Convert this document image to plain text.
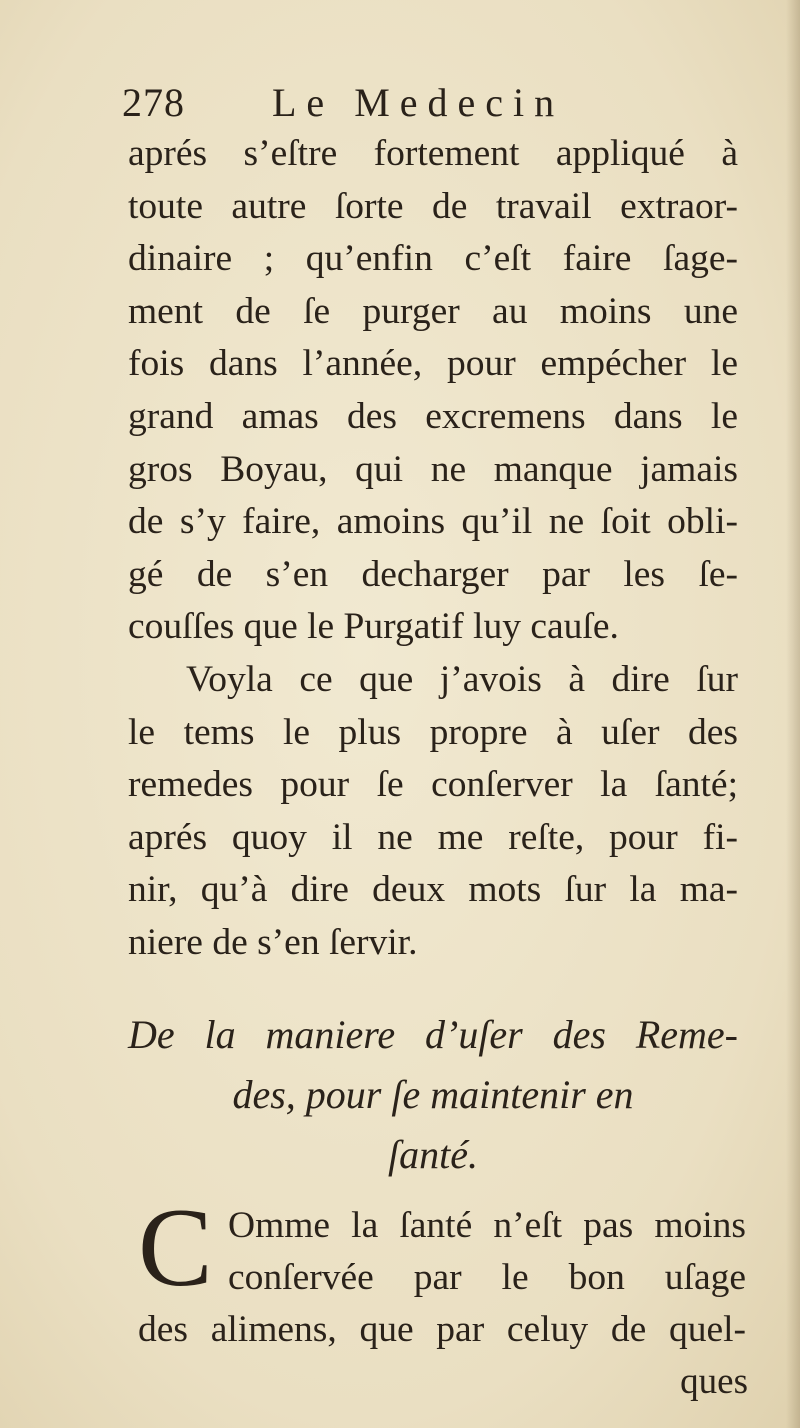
278 Le Medecin
aprés s’eſtre fortement appliqué à
toute autre ſorte de travail extraor-
dinaire ; qu’enfin c’eſt faire ſage-
ment de ſe purger au moins une
fois dans l’année, pour empécher le
grand amas des excremens dans le
gros Boyau, qui ne manque jamais
de s’y faire, amoins qu’il ne ſoit obli-
gé de s’en decharger par les ſe-
couſſes que le Purgatif luy cauſe.
Voyla ce que j’avois à dire ſur
le tems le plus propre à uſer des
remedes pour ſe conſerver la ſanté;
aprés quoy il ne me reſte, pour fi-
nir, qu’à dire deux mots ſur la ma-
niere de s’en ſervir.
De la maniere d’uſer des Reme-
des, pour ſe maintenir en
ſanté.
C Omme la ſanté n’eſt pas moins
conſervée par le bon uſage
des alimens, que par celuy de quel-
ques
